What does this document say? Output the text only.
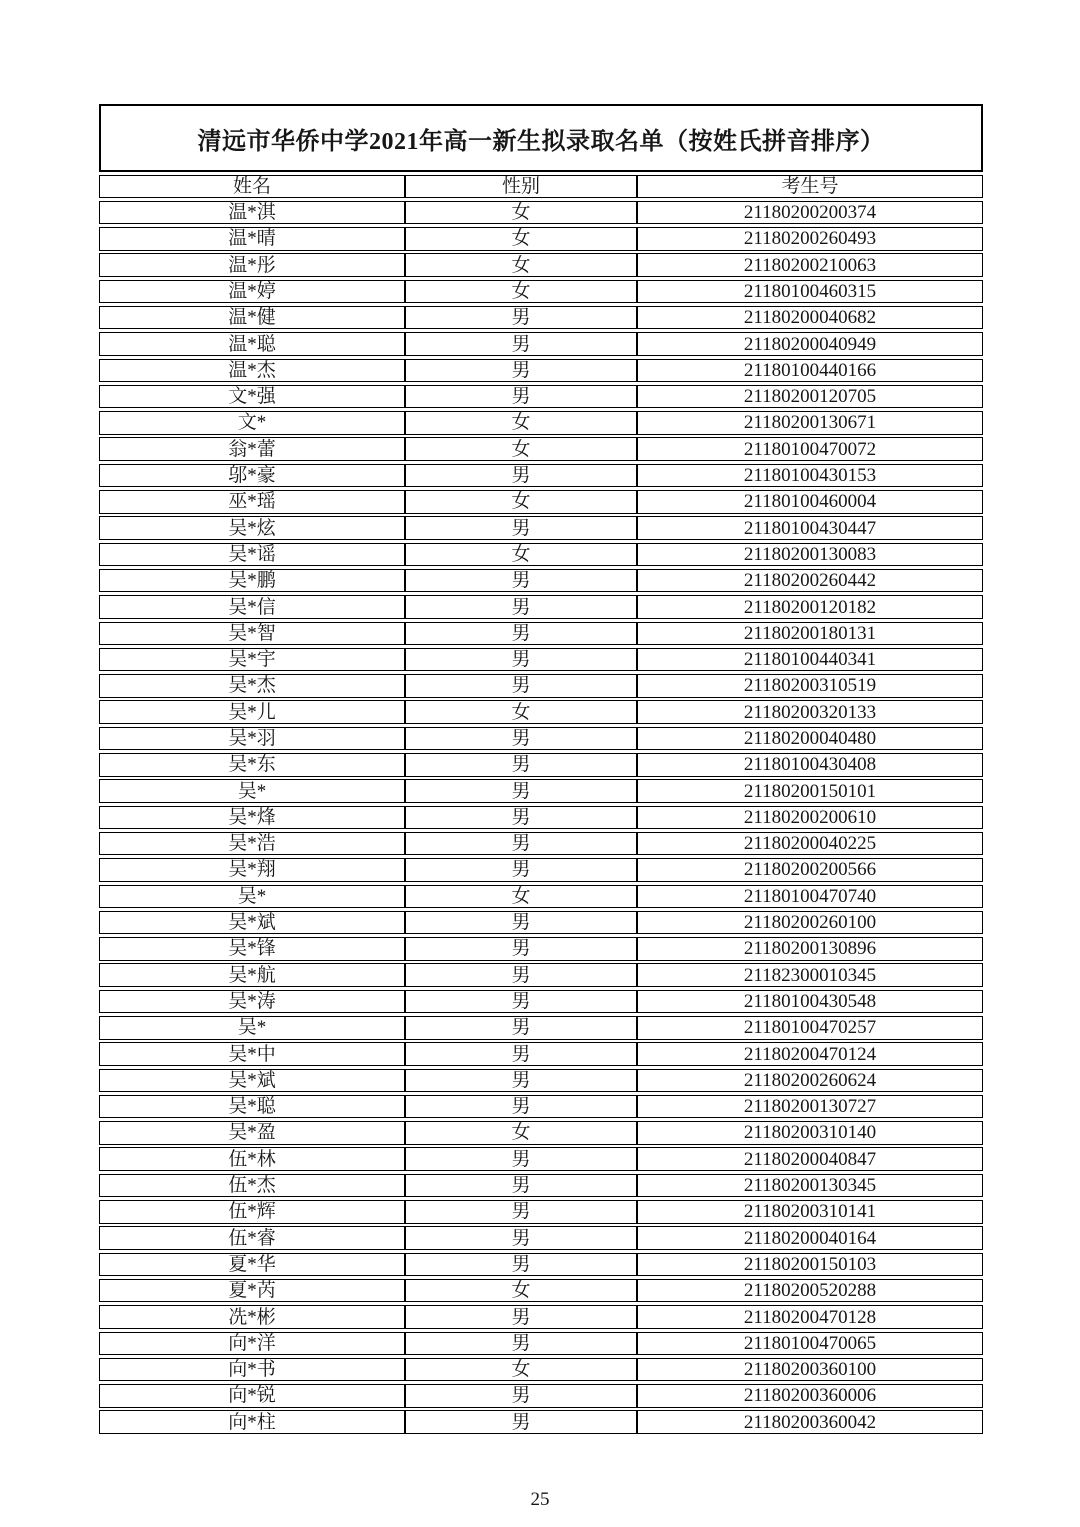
清远市华侨中学2021年高一新生拟录取名单（按姓氏拼音排序）
姓名	性别	考生号
温*淇	女	21180200200374
温*晴	女	21180200260493
温*彤	女	21180200210063
温*婷	女	21180100460315
温*健	男	21180200040682
温*聪	男	21180200040949
温*杰	男	21180100440166
文*强	男	21180200120705
文*	女	21180200130671
翁*蕾	女	21180100470072
邬*豪	男	21180100430153
巫*瑶	女	21180100460004
吴*炫	男	21180100430447
吴*谣	女	21180200130083
吴*鹏	男	21180200260442
吴*信	男	21180200120182
吴*智	男	21180200180131
吴*宇	男	21180100440341
吴*杰	男	21180200310519
吴*儿	女	21180200320133
吴*羽	男	21180200040480
吴*东	男	21180100430408
吴*	男	21180200150101
吴*烽	男	21180200200610
吴*浩	男	21180200040225
吴*翔	男	21180200200566
吴*	女	21180100470740
吴*斌	男	21180200260100
吴*锋	男	21180200130896
吴*航	男	21182300010345
吴*涛	男	21180100430548
吴*	男	21180100470257
吴*中	男	21180200470124
吴*斌	男	21180200260624
吴*聪	男	21180200130727
吴*盈	女	21180200310140
伍*林	男	21180200040847
伍*杰	男	21180200130345
伍*辉	男	21180200310141
伍*睿	男	21180200040164
夏*华	男	21180200150103
夏*芮	女	21180200520288
冼*彬	男	21180200470128
向*洋	男	21180100470065
向*书	女	21180200360100
向*锐	男	21180200360006
向*柱	男	21180200360042
25
